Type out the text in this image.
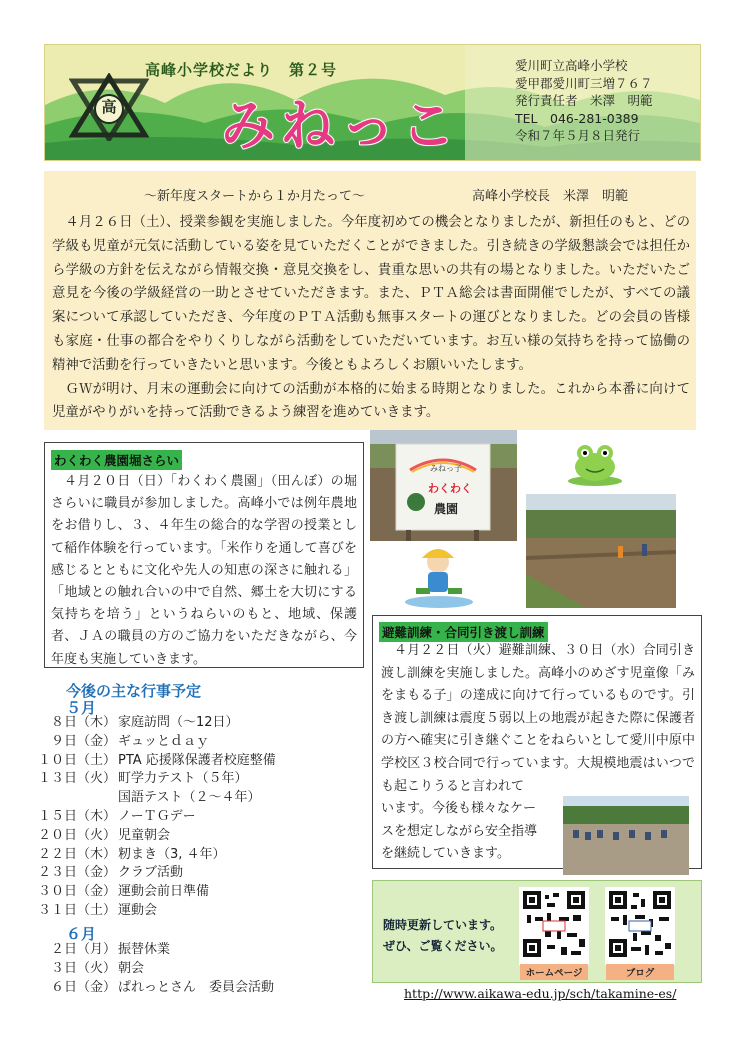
高
高峰小学校だより　第２号
みねっこ
愛川町立高峰小学校
愛甲郡愛川町三増７６７
発行責任者　米澤　明範
TEL　046-281-0389
令和７年５月８日発行
～新年度スタートから１か月たって～	高峰小学校長　米澤　明範

４月２６日（土）、授業参観を実施しました。今年度初めての機会となりましたが、新担任のもと、どの学級も児童が元気に活動している姿を見ていただくことができました。引き続きの学級懇談会では担任から学級の方針を伝えながら情報交換・意見交換をし、貴重な思いの共有の場となりました。いただいたご意見を今後の学級経営の一助とさせていただきます。また、ＰＴＡ総会は書面開催でしたが、すべての議案について承認していただき、今年度のＰＴＡ活動も無事スタートの運びとなりました。どの会員の皆様も家庭・仕事の都合をやりくりしながら活動をしていただいています。お互い様の気持ちを持って協働の精神で活動を行っていきたいと思います。今後ともよろしくお願いいたします。

ＧＷが明け、月末の運動会に向けての活動が本格的に始まる時期となりました。これから本番に向けて児童がやりがいを持って活動できるよう練習を進めていきます。

わくわく農園堀さらい

４月２０日（日）「わくわく農園」（田んぼ）の堀さらいに職員が参加しました。高峰小では例年農地をお借りし、３、４年生の総合的な学習の授業として稲作体験を行っています。「米作りを通して喜びを感じるとともに文化や先人の知恵の深さに触れる」「地域との触れ合いの中で自然、郷土を大切にする気持ちを培う」というねらいのもと、地域、保護者、ＪＡの職員の方のご協力をいただきながら、今年度も実施していきます。

みねっ子
わくわく
農園
避難訓練・合同引き渡し訓練

４月２２日（火）避難訓練、３０日（水）合同引き渡し訓練を実施しました。高峰小のめざす児童像「みをまもる子」の達成に向けて行っているものです。引き渡し訓練は震度５弱以上の地震が起きた際に保護者の方へ確実に引き継ぐことをねらいとして愛川中原中学校区３校合同で行っています。大規模地震はいつでも起こりうると言われて

います。今後も様々なケー
スを想定しながら安全指導
を継続していきます。
今後の主な行事予定
５月
８日（木） 家庭訪問（～12日）
９日（金） ギュッとｄａｙ
１０日（土） PTA 応援隊保護者校庭整備
１３日（火） 町学力テスト（５年）
国語テスト（２～４年）
１５日（木） ノーＴＧデー
２０日（火） 児童朝会
２２日（木） 籾まき（3, ４年）
２３日（金） クラブ活動
３０日（金） 運動会前日準備
３１日（土） 運動会
６月
２日（月） 振替休業
３日（火） 朝会
６日（金） ぱれっとさん　委員会活動
随時更新しています。
ぜひ、ご覧ください。
ホームページ	ブログ
http://www.aikawa-edu.jp/sch/takamine-es/
